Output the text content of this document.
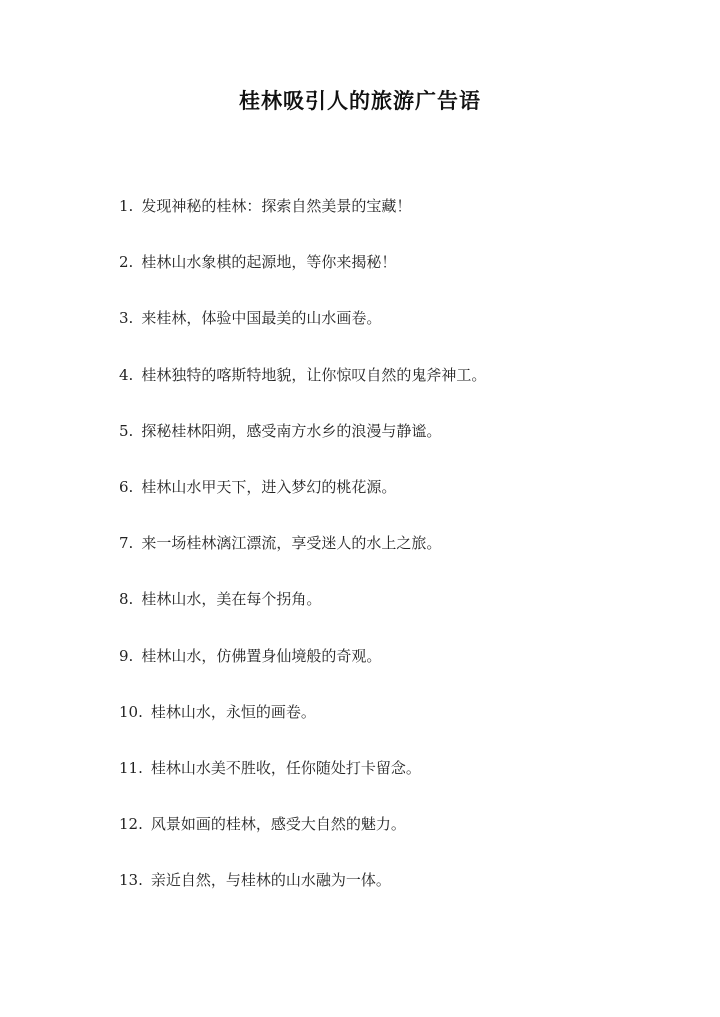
桂林吸引人的旅游广告语
1. 发现神秘的桂林：探索自然美景的宝藏！
2. 桂林山水象棋的起源地，等你来揭秘！
3. 来桂林，体验中国最美的山水画卷。
4. 桂林独特的喀斯特地貌，让你惊叹自然的鬼斧神工。
5. 探秘桂林阳朔，感受南方水乡的浪漫与静谧。
6. 桂林山水甲天下，进入梦幻的桃花源。
7. 来一场桂林漓江漂流，享受迷人的水上之旅。
8. 桂林山水，美在每个拐角。
9. 桂林山水，仿佛置身仙境般的奇观。
10. 桂林山水，永恒的画卷。
11. 桂林山水美不胜收，任你随处打卡留念。
12. 风景如画的桂林，感受大自然的魅力。
13. 亲近自然，与桂林的山水融为一体。
